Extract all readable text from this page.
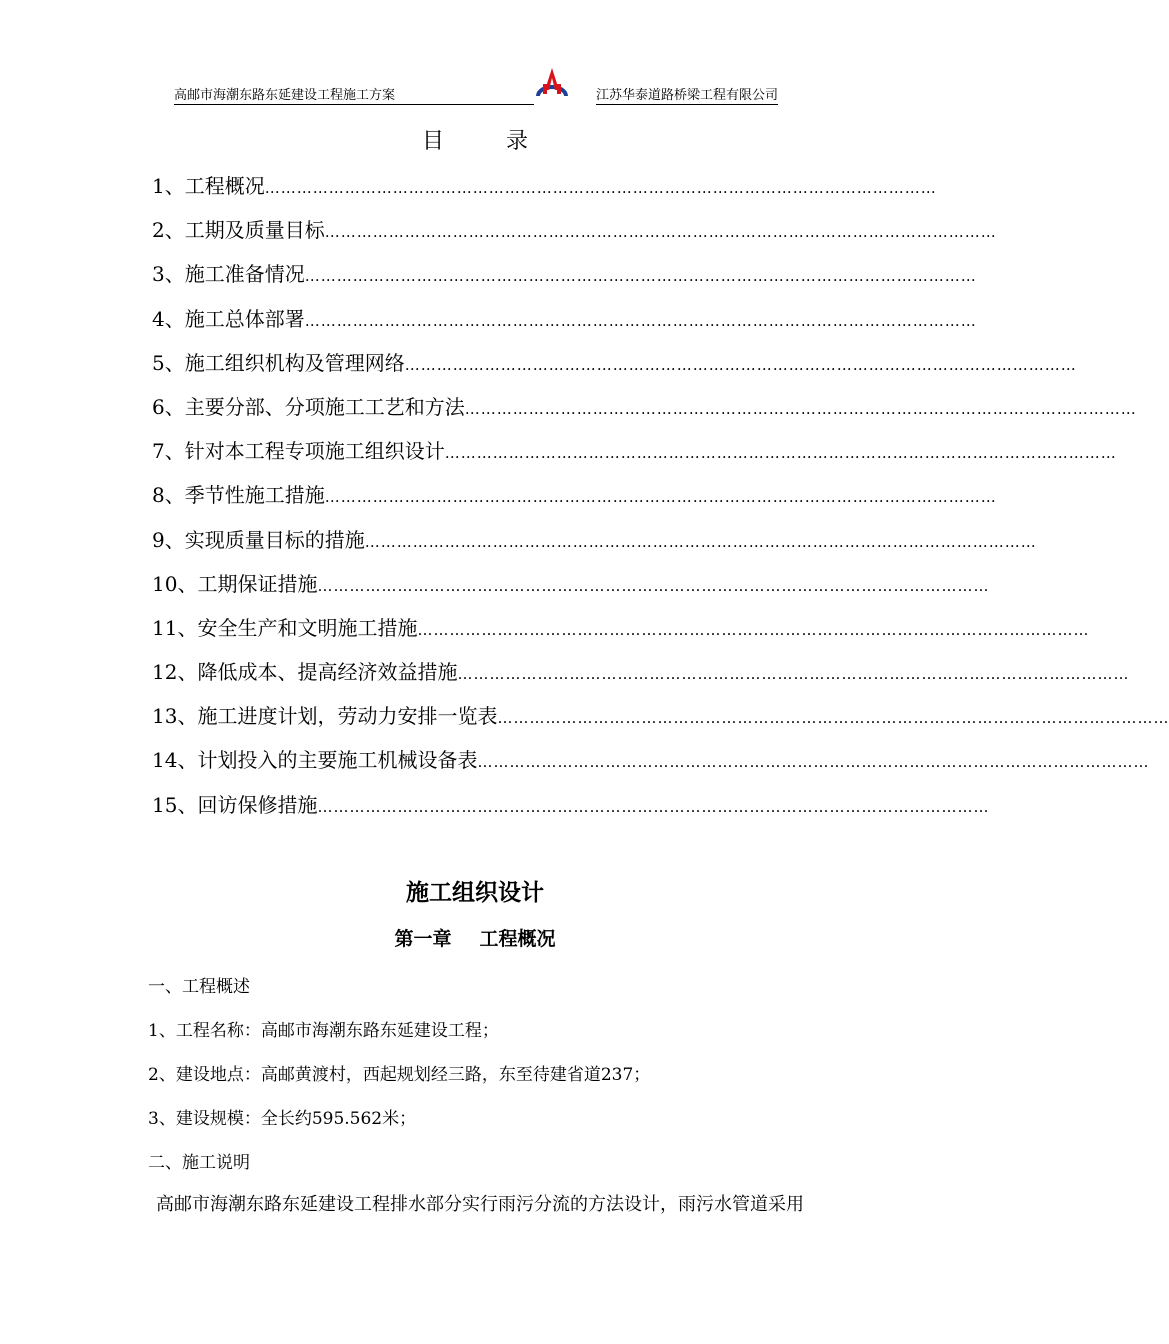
高邮市海潮东路东延建设工程施工方案	江苏华泰道路桥梁工程有限公司
目	录
1、 工程概况 ………………………………………………………………………………………………………………
2、 工期及质量目标 ………………………………………………………………………………………………………………
3、 施工准备情况 ………………………………………………………………………………………………………………
4、 施工总体部署 ………………………………………………………………………………………………………………
5、 施工组织机构及管理网络 ………………………………………………………………………………………………………………
6、 主要分部、分项施工工艺和方法 ………………………………………………………………………………………………………………
7、 针对本工程专项施工组织设计 ………………………………………………………………………………………………………………
8、 季节性施工措施 ………………………………………………………………………………………………………………
9、 实现质量目标的措施 ………………………………………………………………………………………………………………
10、 工期保证措施 ………………………………………………………………………………………………………………
11、 安全生产和文明施工措施 ………………………………………………………………………………………………………………
12、 降低成本、提高经济效益措施 ………………………………………………………………………………………………………………
13、 施工进度计划，劳动力安排一览表 ………………………………………………………………………………………………………………
14、 计划投入的主要施工机械设备表 ………………………………………………………………………………………………………………
15、 回访保修措施 ………………………………………………………………………………………………………………
施工组织设计
第一章 工程概况
一、工程概述
1、工程名称：高邮市海潮东路东延建设工程；
2、建设地点：高邮黄渡村，西起规划经三路，东至待建省道237；
3、建设规模：全长约595.562米；
二、施工说明
高邮市海潮东路东延建设工程排水部分实行雨污分流的方法设计，雨污水管道采用
